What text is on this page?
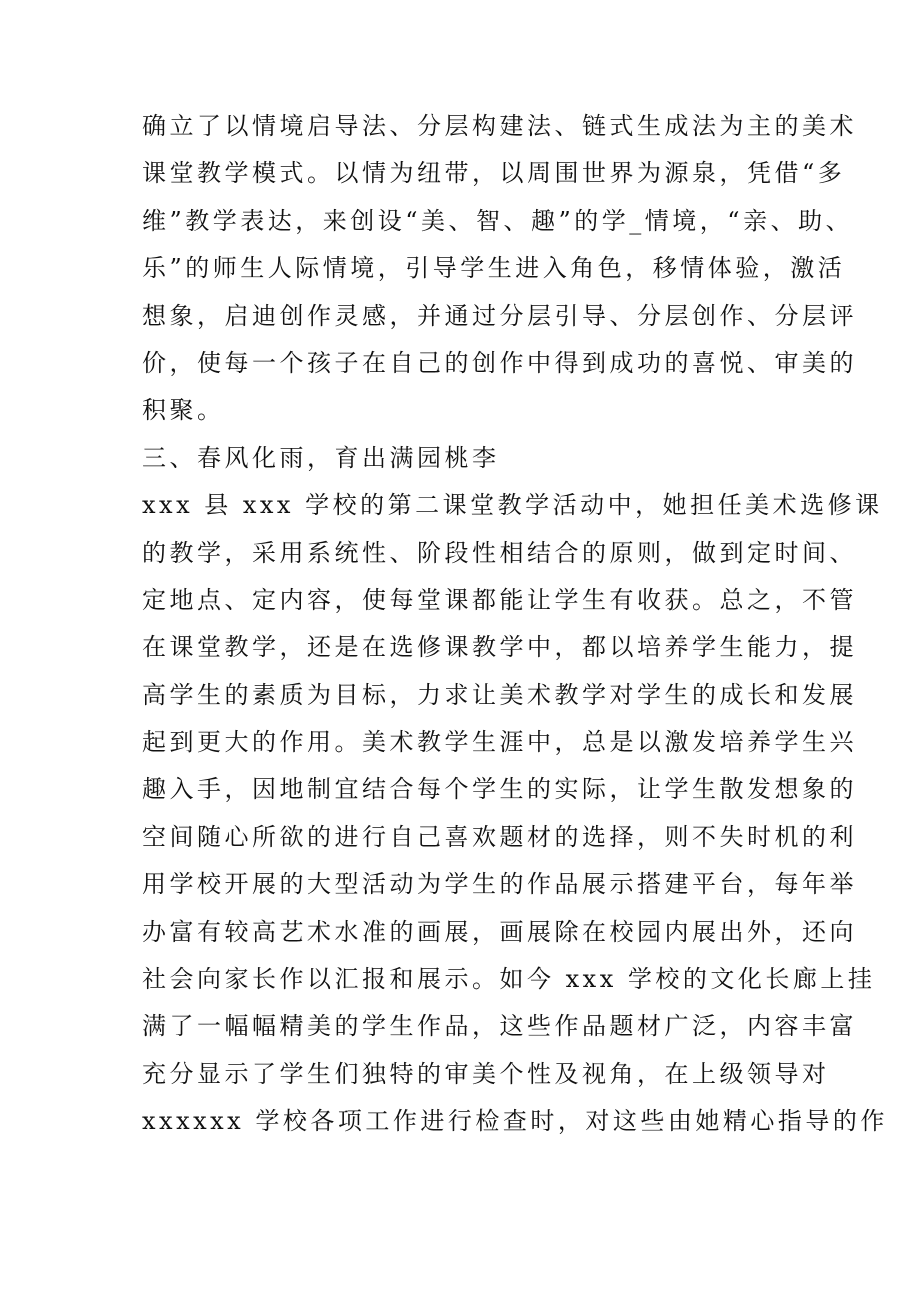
确立了以情境启导法、分层构建法、链式生成法为主的美术
课堂教学模式。以情为纽带，以周围世界为源泉，凭借“多
维”教学表达，来创设“美、智、趣”的学_情境，“亲、助、
乐”的师生人际情境，引导学生进入角色，移情体验，激活
想象，启迪创作灵感，并通过分层引导、分层创作、分层评
价，使每一个孩子在自己的创作中得到成功的喜悦、审美的
积聚。
三、春风化雨，育出满园桃李
xxx 县 xxx 学校的第二课堂教学活动中，她担任美术选修课
的教学，采用系统性、阶段性相结合的原则，做到定时间、
定地点、定内容，使每堂课都能让学生有收获。总之，不管
在课堂教学，还是在选修课教学中，都以培养学生能力，提
高学生的素质为目标，力求让美术教学对学生的成长和发展
起到更大的作用。美术教学生涯中，总是以激发培养学生兴
趣入手，因地制宜结合每个学生的实际，让学生散发想象的
空间随心所欲的进行自己喜欢题材的选择，则不失时机的利
用学校开展的大型活动为学生的作品展示搭建平台，每年举
办富有较高艺术水准的画展，画展除在校园内展出外，还向
社会向家长作以汇报和展示。如今 xxx 学校的文化长廊上挂
满了一幅幅精美的学生作品，这些作品题材广泛，内容丰富
充分显示了学生们独特的审美个性及视角，在上级领导对
xxxxxx 学校各项工作进行检查时，对这些由她精心指导的作
